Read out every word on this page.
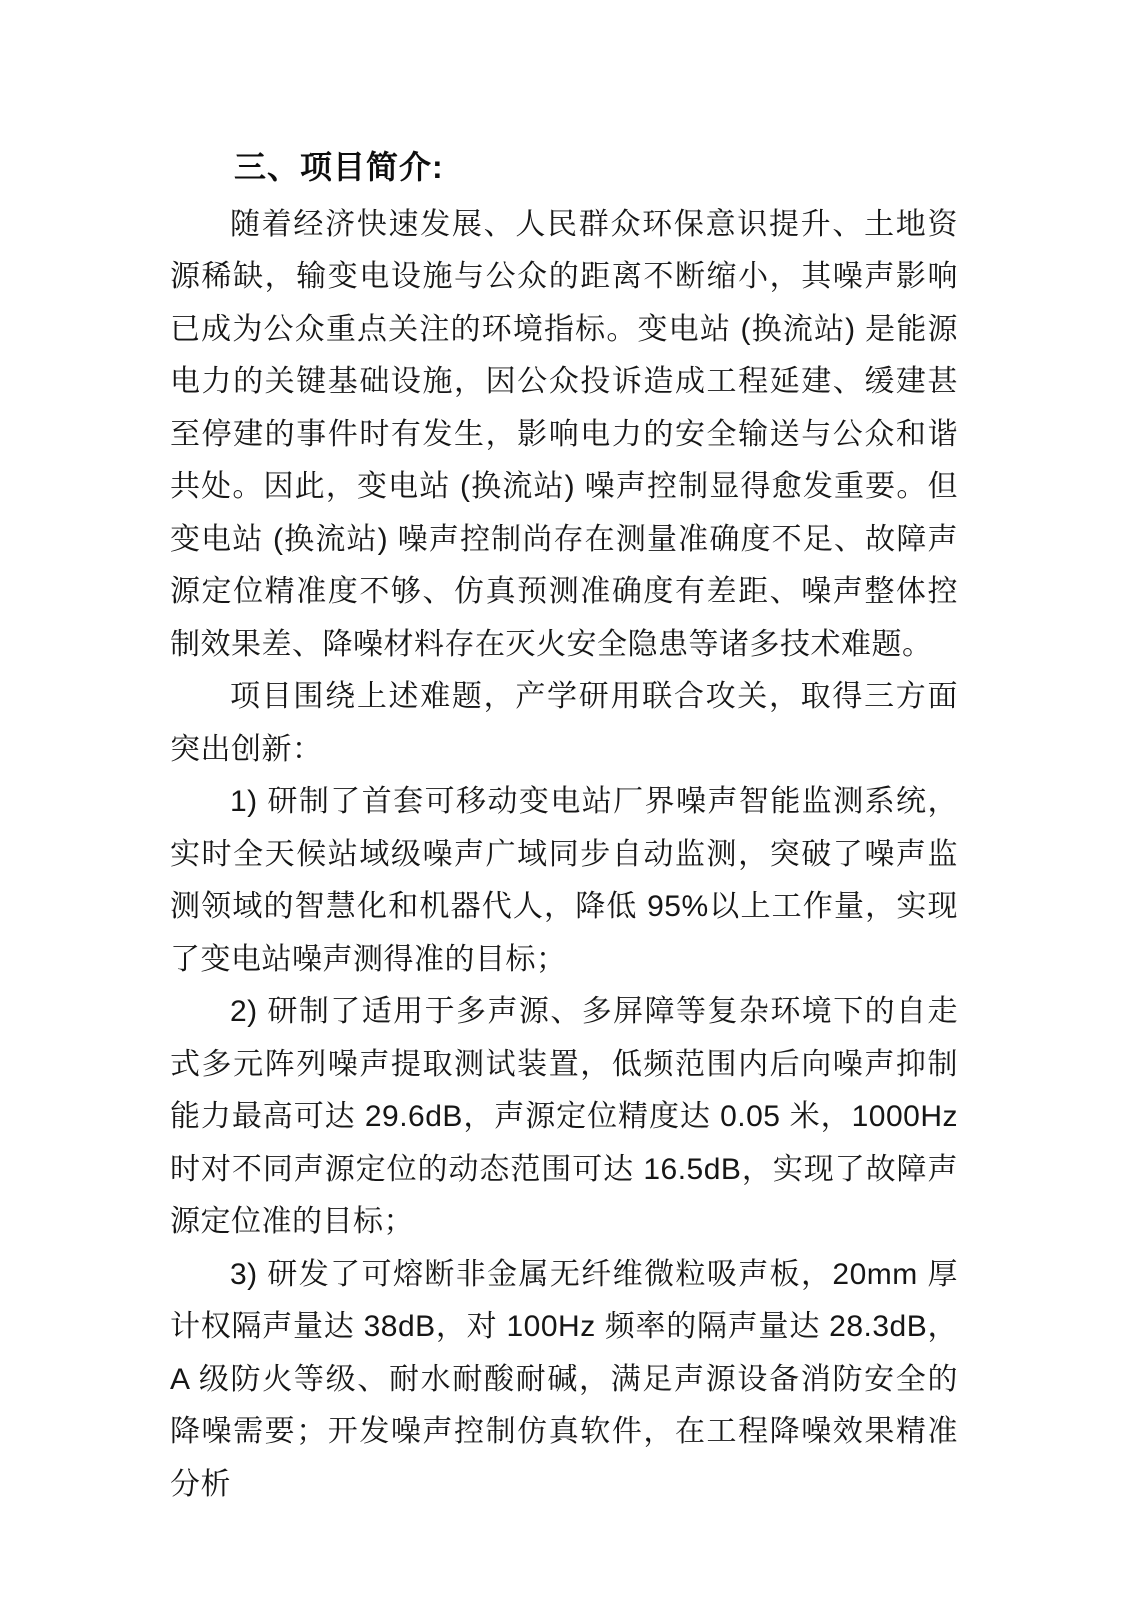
三、项目简介:

随着经济快速发展、人民群众环保意识提升、土地资源稀缺，输变电设施与公众的距离不断缩小，其噪声影响已成为公众重点关注的环境指标。变电站 (换流站) 是能源电力的关键基础设施，因公众投诉造成工程延建、缓建甚至停建的事件时有发生，影响电力的安全输送与公众和谐共处。因此，变电站 (换流站) 噪声控制显得愈发重要。但变电站 (换流站) 噪声控制尚存在测量准确度不足、故障声源定位精准度不够、仿真预测准确度有差距、噪声整体控制效果差、降噪材料存在灭火安全隐患等诸多技术难题。

项目围绕上述难题，产学研用联合攻关，取得三方面突出创新：

1) 研制了首套可移动变电站厂界噪声智能监测系统，实时全天候站域级噪声广域同步自动监测，突破了噪声监测领域的智慧化和机器代人，降低 95%以上工作量，实现了变电站噪声测得准的目标；

2) 研制了适用于多声源、多屏障等复杂环境下的自走式多元阵列噪声提取测试装置，低频范围内后向噪声抑制能力最高可达 29.6dB，声源定位精度达 0.05 米，1000Hz 时对不同声源定位的动态范围可达 16.5dB，实现了故障声源定位准的目标；

3) 研发了可熔断非金属无纤维微粒吸声板，20mm 厚计权隔声量达 38dB，对 100Hz 频率的隔声量达 28.3dB，A 级防火等级、耐水耐酸耐碱，满足声源设备消防安全的降噪需要；开发噪声控制仿真软件，在工程降噪效果精准分析
